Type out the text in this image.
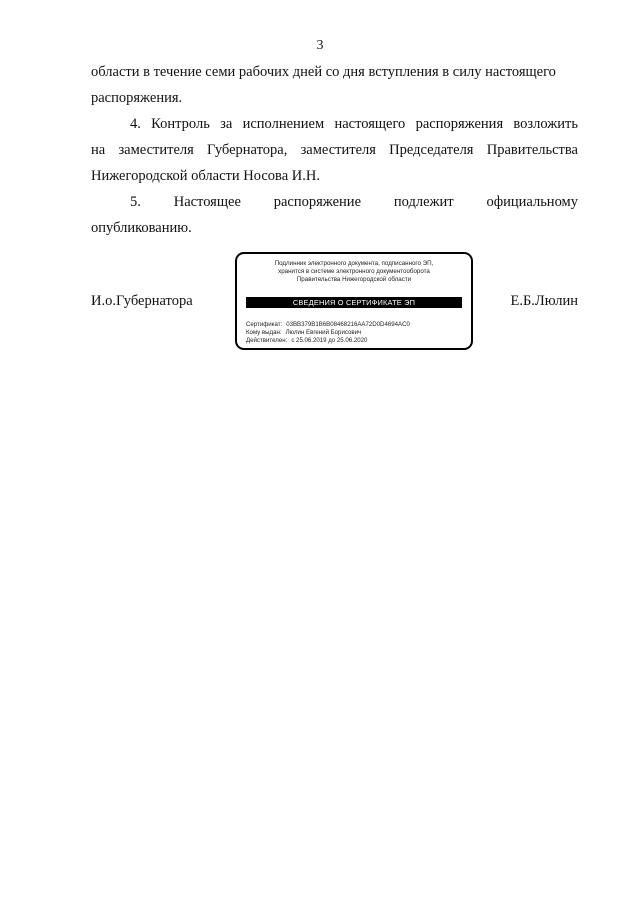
3
области в течение семи рабочих дней со дня вступления в силу настоящего
распоряжения.
4. Контроль за исполнением настоящего распоряжения возложить
на заместителя Губернатора, заместителя Председателя Правительства
Нижегородской области Носова И.Н.
5. Настоящее распоряжение подлежит официальному
опубликованию.
И.о.Губернатора
Подлинник электронного документа, подписанного ЭП,
хранится в системе электронного документооборота
Правительства Нижегородской области
СВЕДЕНИЯ О СЕРТИФИКАТЕ ЭП
Сертификат: 03BB379B1B6B08468216AA72D0D4694AC0
Кому выдан: Люлин Евгений Борисович
Действителен: с 25.06.2019 до 25.06.2020
Е.Б.Люлин
